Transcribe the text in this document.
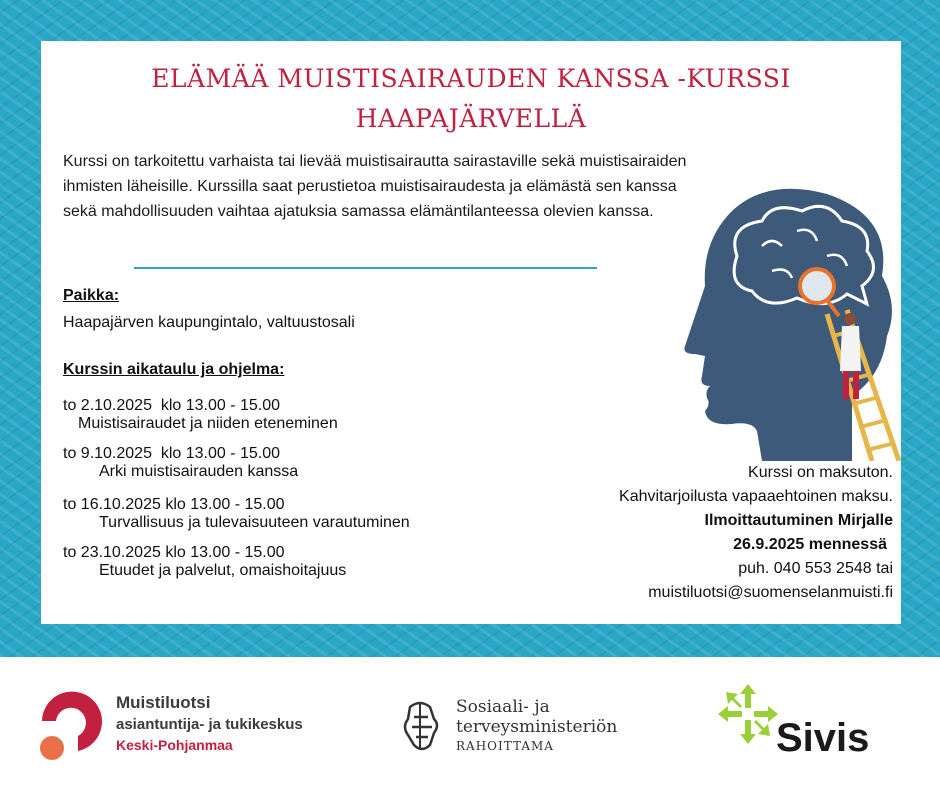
ELÄMÄÄ MUISTISAIRAUDEN KANSSA -KURSSI
HAAPAJÄRVELLÄ
Kurssi on tarkoitettu varhaista tai lievää muistisairautta sairastaville sekä muistisairaiden ihmisten läheisille. Kurssilla saat perustietoa muistisairaudesta ja elämästä sen kanssa sekä mahdollisuuden vaihtaa ajatuksia samassa elämäntilanteessa olevien kanssa.
Paikka:
Haapajärven kaupungintalo, valtuustosali
Kurssin aikataulu ja ohjelma:
to 2.10.2025  klo 13.00 - 15.00
Muistisairaudet ja niiden eteneminen
to 9.10.2025  klo 13.00 - 15.00
Arki muistisairauden kanssa
to 16.10.2025 klo 13.00 - 15.00
Turvallisuus ja tulevaisuuteen varautuminen
to 23.10.2025 klo 13.00 - 15.00
Etuudet ja palvelut, omaishoitajuus
Kurssi on maksuton.
Kahvitarjoilusta vapaaehtoinen maksu.
Ilmoittautuminen Mirjalle
26.9.2025 mennessä
puh. 040 553 2548 tai
muistiluotsi@suomenselanmuisti.fi
Muistiluotsi
asiantuntija- ja tukikeskus
Keski-Pohjanmaa
Sosiaali- ja
terveysministeriön
RAHOITTAMA	Sivis
